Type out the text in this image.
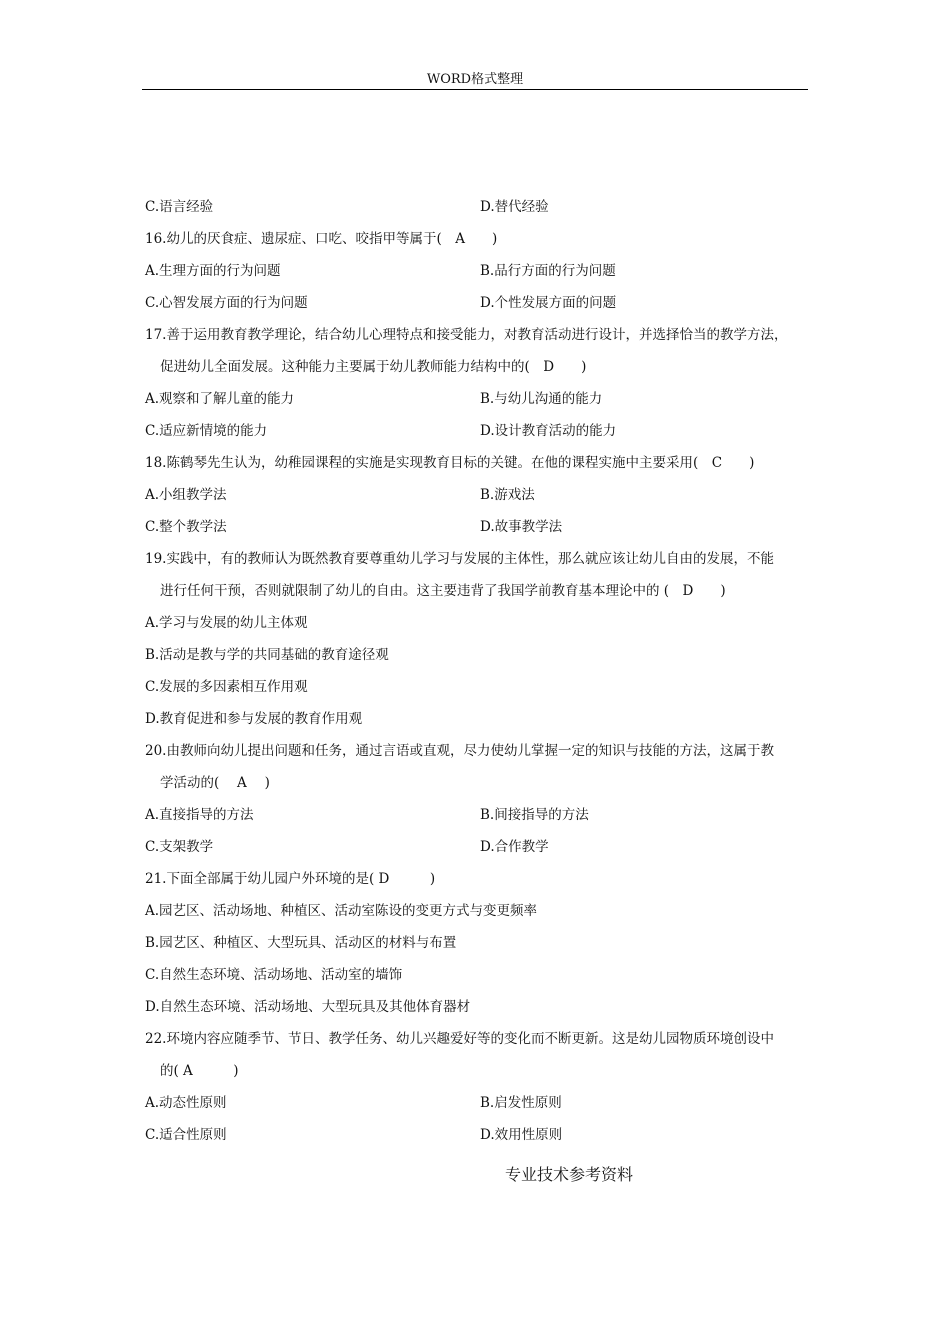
WORD格式整理
C.语言经验	D.替代经验
16.幼儿的厌食症、遗尿症、口吃、咬指甲等属于(　A　　)
A.生理方面的行为问题	B.品行方面的行为问题
C.心智发展方面的行为问题	D.个性发展方面的问题
17.善于运用教育教学理论，结合幼儿心理特点和接受能力，对教育活动进行设计，并选择恰当的教学方法，
促进幼儿全面发展。这种能力主要属于幼儿教师能力结构中的(　D　　)
A.观察和了解儿童的能力	B.与幼儿沟通的能力
C.适应新情境的能力	D.设计教育活动的能力
18.陈鹤琴先生认为，幼稚园课程的实施是实现教育目标的关键。在他的课程实施中主要采用(　C　　)
A.小组教学法	B.游戏法
C.整个教学法	D.故事教学法
19.实践中，有的教师认为既然教育要尊重幼儿学习与发展的主体性，那么就应该让幼儿自由的发展，不能
进行任何干预，否则就限制了幼儿的自由。这主要违背了我国学前教育基本理论中的 (　D　　)
A.学习与发展的幼儿主体观
B.活动是教与学的共同基础的教育途径观
C.发展的多因素相互作用观
D.教育促进和参与发展的教育作用观
20.由教师向幼儿提出问题和任务，通过言语或直观，尽力使幼儿掌握一定的知识与技能的方法，这属于教
学活动的(　 A　 )
A.直接指导的方法	B.间接指导的方法
C.支架教学	D.合作教学
21.下面全部属于幼儿园户外环境的是( D　　　)
A.园艺区、活动场地、种植区、活动室陈设的变更方式与变更频率
B.园艺区、种植区、大型玩具、活动区的材料与布置
C.自然生态环境、活动场地、活动室的墙饰
D.自然生态环境、活动场地、大型玩具及其他体育器材
22.环境内容应随季节、节日、教学任务、幼儿兴趣爱好等的变化而不断更新。这是幼儿园物质环境创设中
的( A　　　)
A.动态性原则	B.启发性原则
C.适合性原则	D.效用性原则
专业技术参考资料
